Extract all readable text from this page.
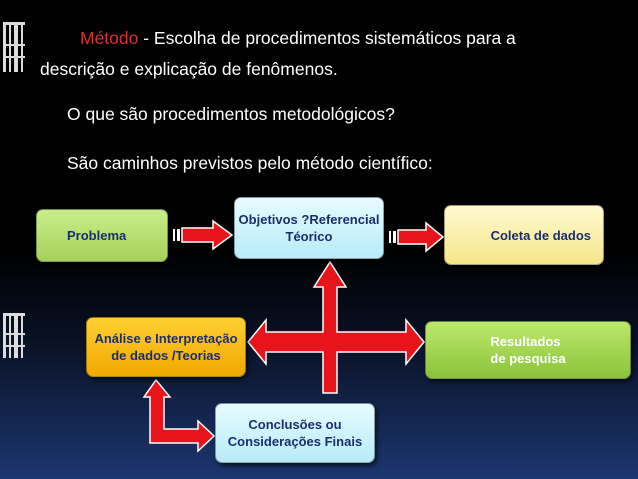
Método - Escolha de procedimentos sistemáticos para a
descrição e explicação de fenômenos.
O que são procedimentos metodológicos?
São caminhos previstos pelo método científico:
Problema
Objetivos ?Referencial
Téorico	Coleta de dados
Análise e Interpretação
de dados /Teorias
Resultados
de pesquisa
Conclusões ou
Considerações Finais
